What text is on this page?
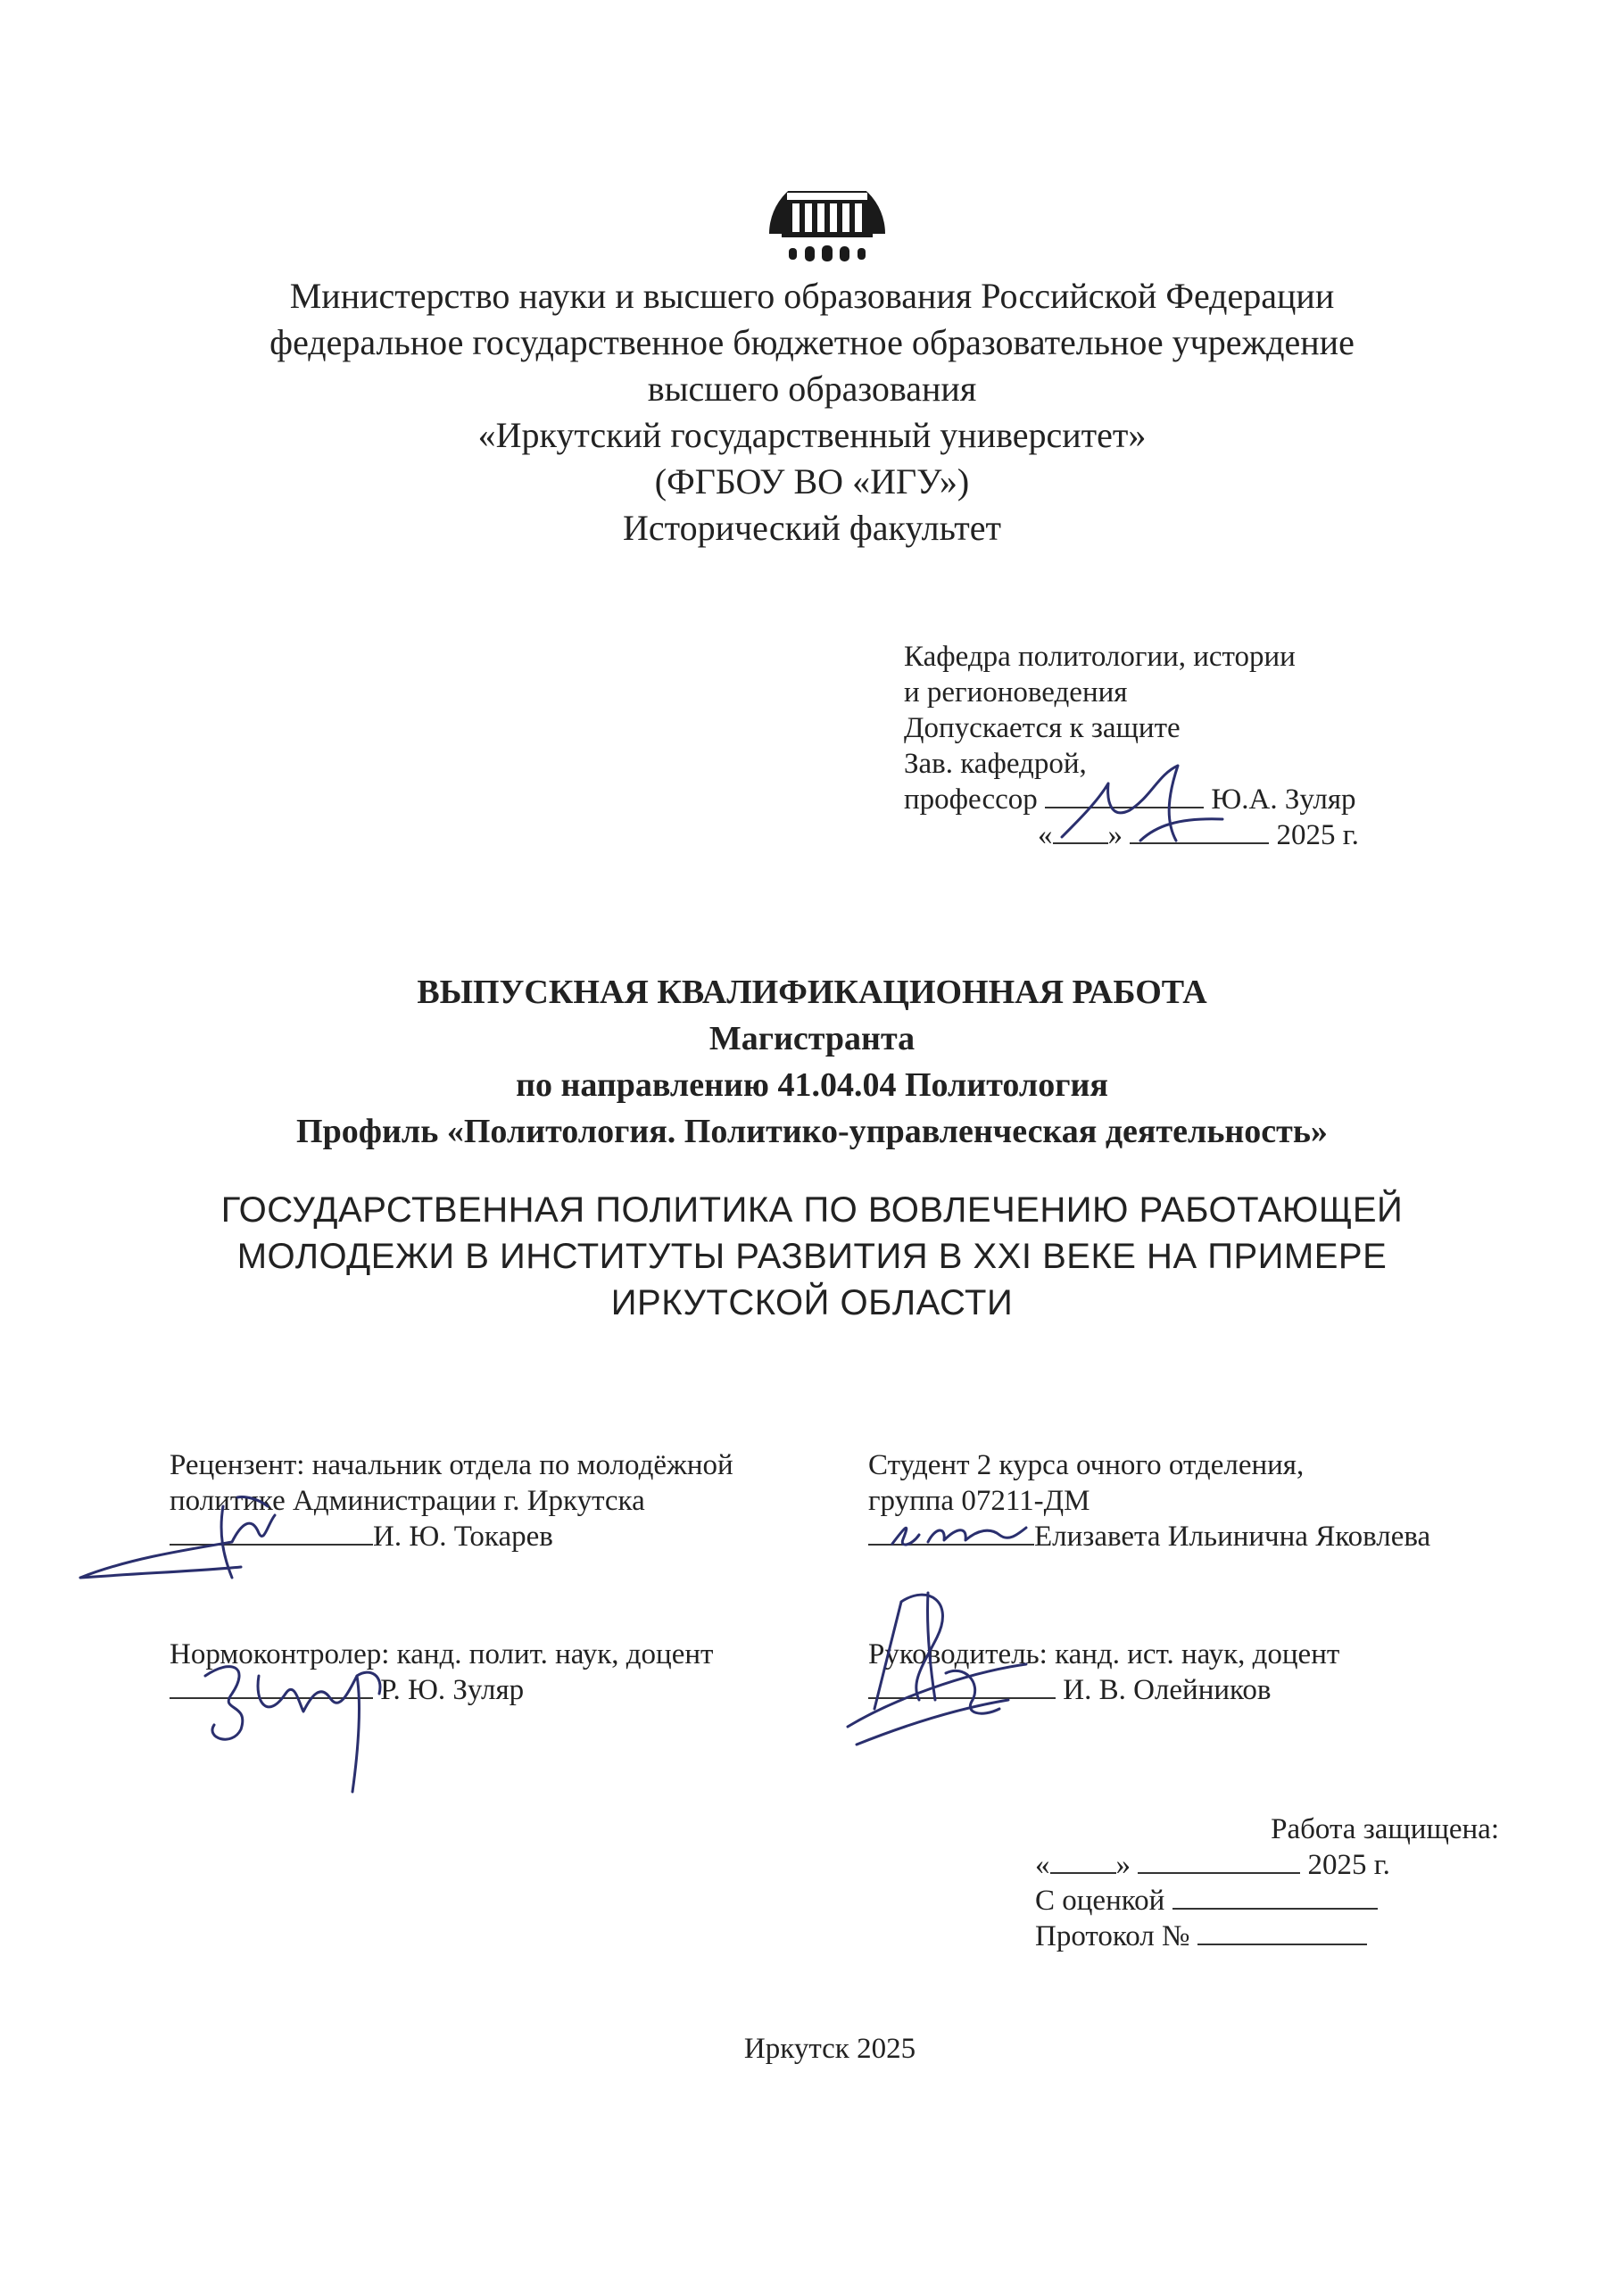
Министерство науки и высшего образования Российской Федерации
федеральное государственное бюджетное образовательное учреждение
высшего образования
«Иркутский государственный университет»
(ФГБОУ ВО «ИГУ»)
Исторический факультет
Кафедра политологии, истории
и регионоведения
Допускается к защите
Зав. кафедрой,
профессор	Ю.А. Зуляр
« »	2025 г.
ВЫПУСКНАЯ КВАЛИФИКАЦИОННАЯ РАБОТА
Магистранта
по направлению 41.04.04 Политология
Профиль «Политология. Политико-управленческая деятельность»
ГОСУДАРСТВЕННАЯ ПОЛИТИКА ПО ВОВЛЕЧЕНИЮ РАБОТАЮЩЕЙ
МОЛОДЕЖИ В ИНСТИТУТЫ РАЗВИТИЯ В XXI ВЕКЕ НА ПРИМЕРЕ
ИРКУТСКОЙ ОБЛАСТИ
Рецензент: начальник отдела по молодёжной
политике Администрации г. Иркутска
И. Ю. Токарев
Студент 2 курса очного отделения,
группа 07211-ДМ
Елизавета Ильинична Яковлева
Нормоконтролер: канд. полит. наук, доцент
Р. Ю. Зуляр
Руководитель: канд. ист. наук, доцент
И. В. Олейников
Работа защищена:
« »	2025 г.
С оценкой
Протокол №
Иркутск 2025
